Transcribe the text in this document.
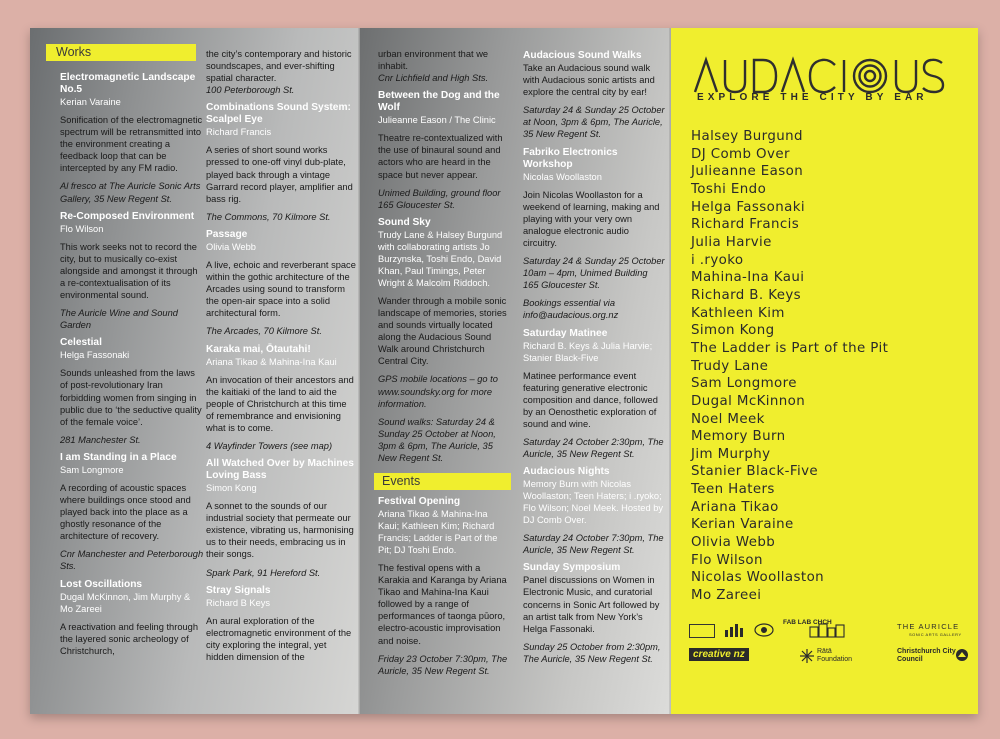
Works
Electromagnetic Landscape No.5
Kerian Varaine
Sonification of the electromagnetic spectrum will be retransmitted into the environment creating a feedback loop that can be intercepted by any FM radio.
Al fresco at The Auricle Sonic Arts Gallery, 35 New Regent St.
Re-Composed Environment
Flo Wilson
This work seeks not to record the city, but to musically co-exist alongside and amongst it through a re-contextualisation of its environmental sound.
The Auricle Wine and Sound Garden
Celestial
Helga Fassonaki
Sounds unleashed from the laws of post-revolutionary Iran forbidding women from singing in public due to ‘the seductive quality of the female voice’.
281 Manchester St.
I am Standing in a Place
Sam Longmore
A recording of acoustic spaces where buildings once stood and played back into the place as a ghostly resonance of the architecture of recovery.
Cnr Manchester and Peterborough Sts.
Lost Oscillations
Dugal McKinnon, Jim Murphy & Mo Zareei
A reactivation and feeling through the layered sonic archeology of Christchurch,
the city’s contemporary and historic soundscapes, and ever-shifting spatial character.
100 Peterborough St.
Combinations Sound System: Scalpel Eye
Richard Francis
A series of short sound works pressed to one-off vinyl dub-plate, played back through a vintage Garrard record player, amplifier and bass rig.
The Commons, 70 Kilmore St.
Passage
Olivia Webb
A live, echoic and reverberant space within the gothic architecture of the Arcades using sound to transform the open-air space into a solid architectural form.
The Arcades, 70 Kilmore St.
Karaka mai, Ōtautahi!
Ariana Tikao & Mahina-Ina Kaui
An invocation of their ancestors and the kaitiaki of the land to aid the people of Christchurch at this time of remembrance and envisioning what is to come.
4 Wayfinder Towers (see map)
All Watched Over by Machines Loving Bass
Simon Kong
A sonnet to the sounds of our industrial society that permeate our existence, vibrating us, harmonising us to their needs, embracing us in their songs.
Spark Park, 91 Hereford St.
Stray Signals
Richard B Keys
An aural exploration of the electromagnetic environment of the city exploring the integral, yet hidden dimension of the
urban environment that we inhabit.
Cnr Lichfield and High Sts.
Between the Dog and the Wolf
Julieanne Eason / The Clinic
Theatre re-contextualized with the use of binaural sound and actors who are heard in the space but never appear.
Unimed Building, ground floor 165 Gloucester St.
Sound Sky
Trudy Lane & Halsey Burgund with collaborating artists Jo Burzynska, Toshi Endo, David Khan, Paul Timings, Peter Wright & Malcolm Riddoch.
Wander through a mobile sonic landscape of memories, stories and sounds virtually located along the Audacious Sound Walk around Christchurch Central City.
GPS mobile locations – go to www.soundsky.org for more information.
Sound walks: Saturday 24 & Sunday 25 October at Noon, 3pm & 6pm, The Auricle, 35 New Regent St.
Events
Festival Opening
Ariana Tikao & Mahina-Ina Kaui; Kathleen Kim; Richard Francis; Ladder is Part of the Pit; DJ Toshi Endo.
The festival opens with a Karakia and Karanga by Ariana Tikao and Mahina-Ina Kaui followed by a range of performances of taonga pūoro, electro-acoustic improvisation and noise.
Friday 23 October 7:30pm, The Auricle, 35 New Regent St.
Audacious Sound Walks
Take an Audacious sound walk with Audacious sonic artists and explore the central city by ear!
Saturday 24 & Sunday 25 October at Noon, 3pm & 6pm, The Auricle, 35 New Regent St.
Fabriko Electronics Workshop
Nicolas Woollaston
Join Nicolas Woollaston for a weekend of learning, making and playing with your very own analogue electronic audio circuitry.
Saturday 24 & Sunday 25 October 10am – 4pm, Unimed Building 165 Gloucester St.
Bookings essential via info@audacious.org.nz
Saturday Matinee
Richard B. Keys & Julia Harvie; Stanier Black-Five
Matinee performance event featuring generative electronic composition and dance, followed by an Oenosthetic exploration of sound and wine.
Saturday 24 October 2:30pm, The Auricle, 35 New Regent St.
Audacious Nights
Memory Burn with Nicolas Woollaston; Teen Haters; i .ryoko; Flo Wilson; Noel Meek. Hosted by DJ Comb Over.
Saturday 24 October 7:30pm, The Auricle, 35 New Regent St.
Sunday Symposium
Panel discussions on Women in Electronic Music, and curatorial concerns in Sonic Art followed by an artist talk from New York’s Helga Fassonaki.
Sunday 25 October from 2:30pm, The Auricle, 35 New Regent St.
EXPLORE THE CITY BY EAR
Halsey Burgund
DJ Comb Over
Julieanne Eason
Toshi Endo
Helga Fassonaki
Richard Francis
Julia Harvie
i .ryoko
Mahina-Ina Kaui
Richard B. Keys
Kathleen Kim
Simon Kong
The Ladder is Part of the Pit
Trudy Lane
Sam Longmore
Dugal McKinnon
Noel Meek
Memory Burn
Jim Murphy
Stanier Black-Five
Teen Haters
Ariana Tikao
Kerian Varaine
Olivia Webb
Flo Wilson
Nicolas Woollaston
Mo Zareei
FAB LAB CHCH	THE AURICLE
SONIC ARTS GALLERY
creative nz	Rātā Foundation
Christchurch City Council
